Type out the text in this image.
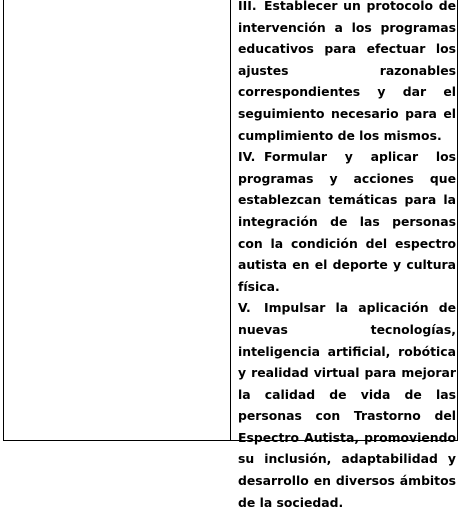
III. Establecer un protocolo de intervención a los programas educativos para efectuar los ajustes razonables correspondientes y dar el seguimiento necesario para el cumplimiento de los mismos.

IV. Formular y aplicar los programas y acciones que establezcan temáticas para la integración de las personas con la condición del espectro autista en el deporte y cultura física.

V. Impulsar la aplicación de nuevas tecnologías, inteligencia artificial, robótica y realidad virtual para mejorar la calidad de vida de las personas con Trastorno del Espectro Autista, promoviendo su inclusión, adaptabilidad y desarrollo en diversos ámbitos de la sociedad.
